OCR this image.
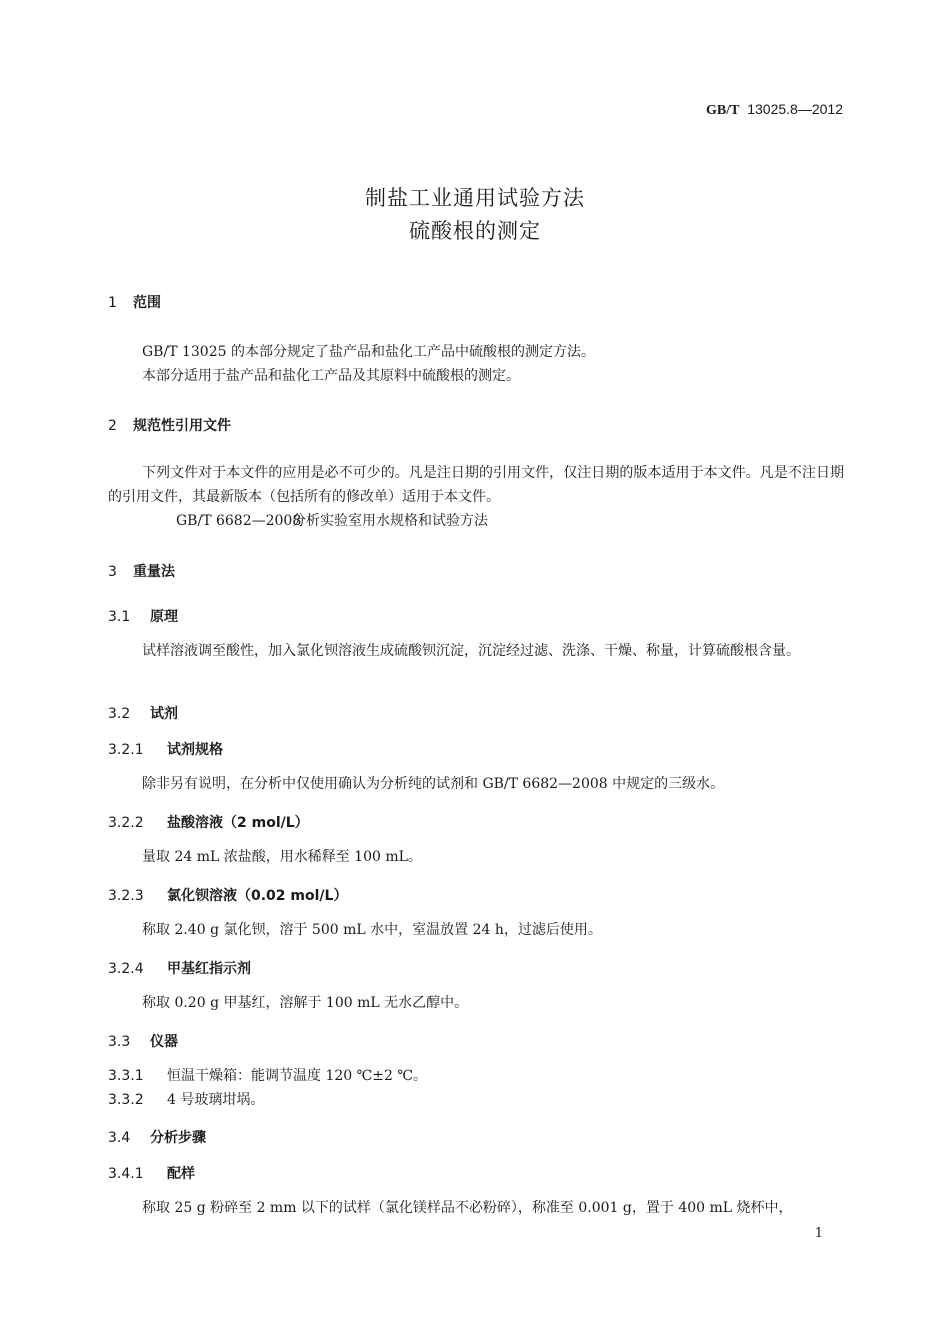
GB/T 13025.8—2012
制盐工业通用试验方法
硫酸根的测定
1 范围
GB/T 13025 的本部分规定了盐产品和盐化工产品中硫酸根的测定方法。
本部分适用于盐产品和盐化工产品及其原料中硫酸根的测定。
2 规范性引用文件
下列文件对于本文件的应用是必不可少的。凡是注日期的引用文件，仅注日期的版本适用于本文件。凡是不注日期的引用文件，其最新版本（包括所有的修改单）适用于本文件。
GB/T 6682—2008分析实验室用水规格和试验方法
3 重量法
3.1 原理
试样溶液调至酸性，加入氯化钡溶液生成硫酸钡沉淀，沉淀经过滤、洗涤、干燥、称量，计算硫酸根含量。
3.2 试剂
3.2.1 试剂规格
除非另有说明，在分析中仅使用确认为分析纯的试剂和 GB/T 6682—2008 中规定的三级水。
3.2.2 盐酸溶液（2 mol/L）
量取 24 mL 浓盐酸，用水稀释至 100 mL。
3.2.3 氯化钡溶液（0.02 mol/L）
称取 2.40 g 氯化钡，溶于 500 mL 水中，室温放置 24 h，过滤后使用。
3.2.4 甲基红指示剂
称取 0.20 g 甲基红，溶解于 100 mL 无水乙醇中。
3.3 仪器
3.3.1 恒温干燥箱：能调节温度 120 ℃±2 ℃。
3.3.2 4 号玻璃坩埚。
3.4 分析步骤
3.4.1 配样
称取 25 g 粉碎至 2 mm 以下的试样（氯化镁样品不必粉碎），称准至 0.001 g，置于 400 mL 烧杯中，
1
